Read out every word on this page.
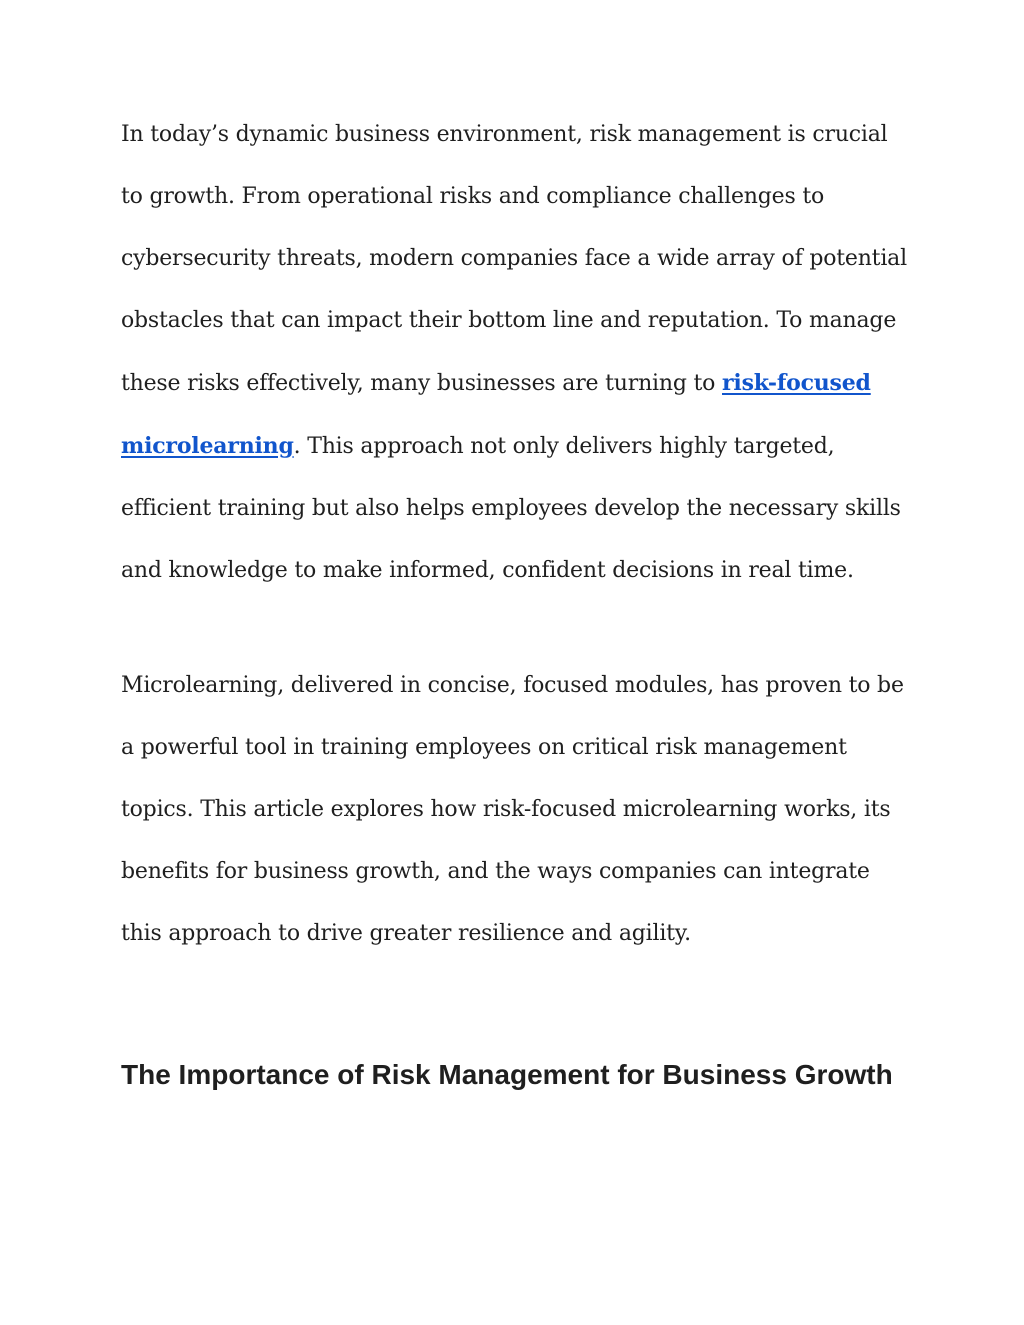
In today’s dynamic business environment, risk management is crucial to growth. From operational risks and compliance challenges to cybersecurity threats, modern companies face a wide array of potential obstacles that can impact their bottom line and reputation. To manage these risks effectively, many businesses are turning to risk-focused microlearning. This approach not only delivers highly targeted, efficient training but also helps employees develop the necessary skills and knowledge to make informed, confident decisions in real time.

Microlearning, delivered in concise, focused modules, has proven to be a powerful tool in training employees on critical risk management topics. This article explores how risk-focused microlearning works, its benefits for business growth, and the ways companies can integrate this approach to drive greater resilience and agility.

The Importance of Risk Management for Business Growth
